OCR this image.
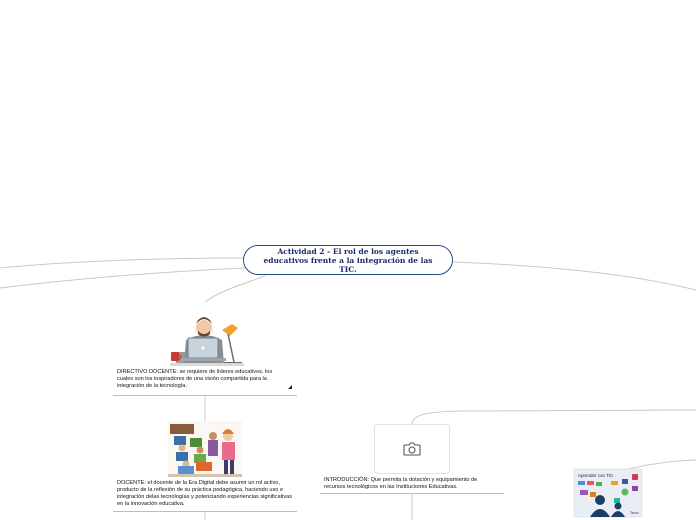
Aprender con TIC
Tecno
Actividad 2 - El rol de los agentes educativos frente a la integración de las TIC.
DIRECTIVO DOCENTE: se requiere de líderes educativos, los cuales son los inspiradores de una visión compartida para la integración de la tecnología.
DOCENTE: el docente de la Era Digital debe asumir un rol activo, producto de la reflexión de su práctica pedagógica, haciendo uso e integración delas tecnologías y potenciando experiencias significativas en la innovación educativa.
INTRODUCCIÓN: Que permita la dotación y equipamiento de recursos tecnológicos en las Instituciones Educativas.
